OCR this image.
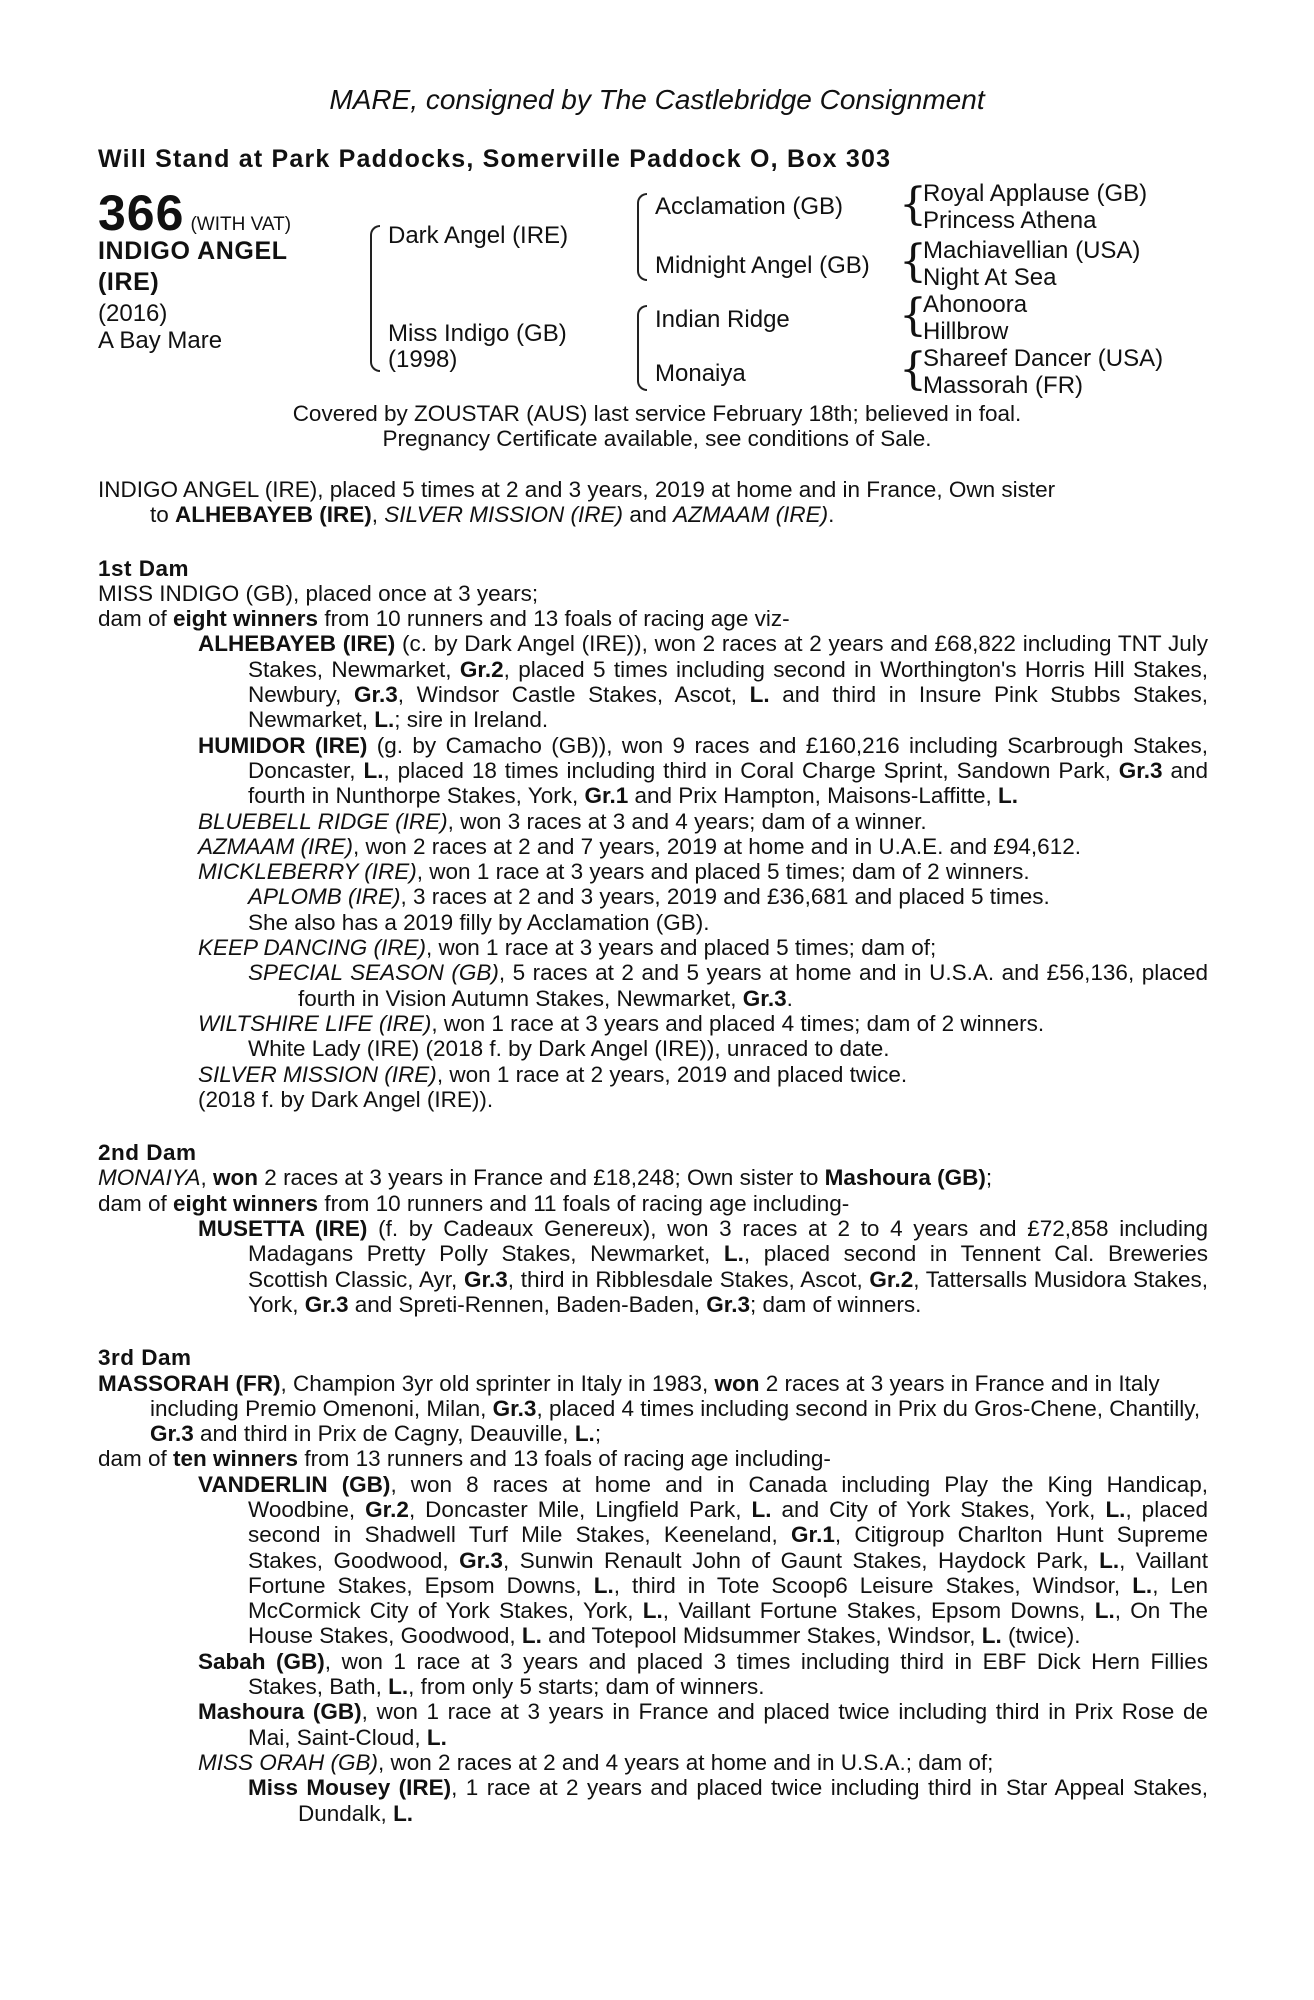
MARE, consigned by The Castlebridge Consignment
Will Stand at Park Paddocks, Somerville Paddock O, Box 303
366 (WITH VAT)
INDIGO ANGEL
(IRE)
(2016)
A Bay Mare
Dark Angel (IRE)
Miss Indigo (GB)
(1998)
Acclamation (GB)
Midnight Angel (GB)
Indian Ridge
Monaiya
{
Royal Applause (GB)
Princess Athena
{
Machiavellian (USA)
Night At Sea
{
Ahonoora
Hillbrow
{
Shareef Dancer (USA)
Massorah (FR)
Covered by ZOUSTAR (AUS) last service February 18th; believed in foal.
Pregnancy Certificate available, see conditions of Sale.

INDIGO ANGEL (IRE), placed 5 times at 2 and 3 years, 2019 at home and in France, Own sister
to ALHEBAYEB (IRE), SILVER MISSION (IRE) and AZMAAM (IRE).

1st Dam

MISS INDIGO (GB), placed once at 3 years;

dam of eight winners from 10 runners and 13 foals of racing age viz-

ALHEBAYEB (IRE) (c. by Dark Angel (IRE)), won 2 races at 2 years and £68,822 including TNT July Stakes, Newmarket, Gr.2, placed 5 times including second in Worthington's Horris Hill Stakes, Newbury, Gr.3, Windsor Castle Stakes, Ascot, L. and third in Insure Pink Stubbs Stakes, Newmarket, L.; sire in Ireland.

HUMIDOR (IRE) (g. by Camacho (GB)), won 9 races and £160,216 including Scarbrough Stakes, Doncaster, L., placed 18 times including third in Coral Charge Sprint, Sandown Park, Gr.3 and fourth in Nunthorpe Stakes, York, Gr.1 and Prix Hampton, Maisons-Laffitte, L.

BLUEBELL RIDGE (IRE), won 3 races at 3 and 4 years; dam of a winner.

AZMAAM (IRE), won 2 races at 2 and 7 years, 2019 at home and in U.A.E. and £94,612.

MICKLEBERRY (IRE), won 1 race at 3 years and placed 5 times; dam of 2 winners.

APLOMB (IRE), 3 races at 2 and 3 years, 2019 and £36,681 and placed 5 times.

She also has a 2019 filly by Acclamation (GB).

KEEP DANCING (IRE), won 1 race at 3 years and placed 5 times; dam of;

SPECIAL SEASON (GB), 5 races at 2 and 5 years at home and in U.S.A. and £56,136, placed fourth in Vision Autumn Stakes, Newmarket, Gr.3.

WILTSHIRE LIFE (IRE), won 1 race at 3 years and placed 4 times; dam of 2 winners.

White Lady (IRE) (2018 f. by Dark Angel (IRE)), unraced to date.

SILVER MISSION (IRE), won 1 race at 2 years, 2019 and placed twice.

(2018 f. by Dark Angel (IRE)).

2nd Dam

MONAIYA, won 2 races at 3 years in France and £18,248; Own sister to Mashoura (GB);

dam of eight winners from 10 runners and 11 foals of racing age including-

MUSETTA (IRE) (f. by Cadeaux Genereux), won 3 races at 2 to 4 years and £72,858 including Madagans Pretty Polly Stakes, Newmarket, L., placed second in Tennent Cal. Breweries Scottish Classic, Ayr, Gr.3, third in Ribblesdale Stakes, Ascot, Gr.2, Tattersalls Musidora Stakes, York, Gr.3 and Spreti-Rennen, Baden-Baden, Gr.3; dam of winners.

3rd Dam

MASSORAH (FR), Champion 3yr old sprinter in Italy in 1983, won 2 races at 3 years in France and in Italy including Premio Omenoni, Milan, Gr.3, placed 4 times including second in Prix du Gros-Chene, Chantilly, Gr.3 and third in Prix de Cagny, Deauville, L.;

dam of ten winners from 13 runners and 13 foals of racing age including-

VANDERLIN (GB), won 8 races at home and in Canada including Play the King Handicap, Woodbine, Gr.2, Doncaster Mile, Lingfield Park, L. and City of York Stakes, York, L., placed second in Shadwell Turf Mile Stakes, Keeneland, Gr.1, Citigroup Charlton Hunt Supreme Stakes, Goodwood, Gr.3, Sunwin Renault John of Gaunt Stakes, Haydock Park, L., Vaillant Fortune Stakes, Epsom Downs, L., third in Tote Scoop6 Leisure Stakes, Windsor, L., Len McCormick City of York Stakes, York, L., Vaillant Fortune Stakes, Epsom Downs, L., On The House Stakes, Goodwood, L. and Totepool Midsummer Stakes, Windsor, L. (twice).

Sabah (GB), won 1 race at 3 years and placed 3 times including third in EBF Dick Hern Fillies Stakes, Bath, L., from only 5 starts; dam of winners.

Mashoura (GB), won 1 race at 3 years in France and placed twice including third in Prix Rose de Mai, Saint-Cloud, L.

MISS ORAH (GB), won 2 races at 2 and 4 years at home and in U.S.A.; dam of;

Miss Mousey (IRE), 1 race at 2 years and placed twice including third in Star Appeal Stakes, Dundalk, L.
